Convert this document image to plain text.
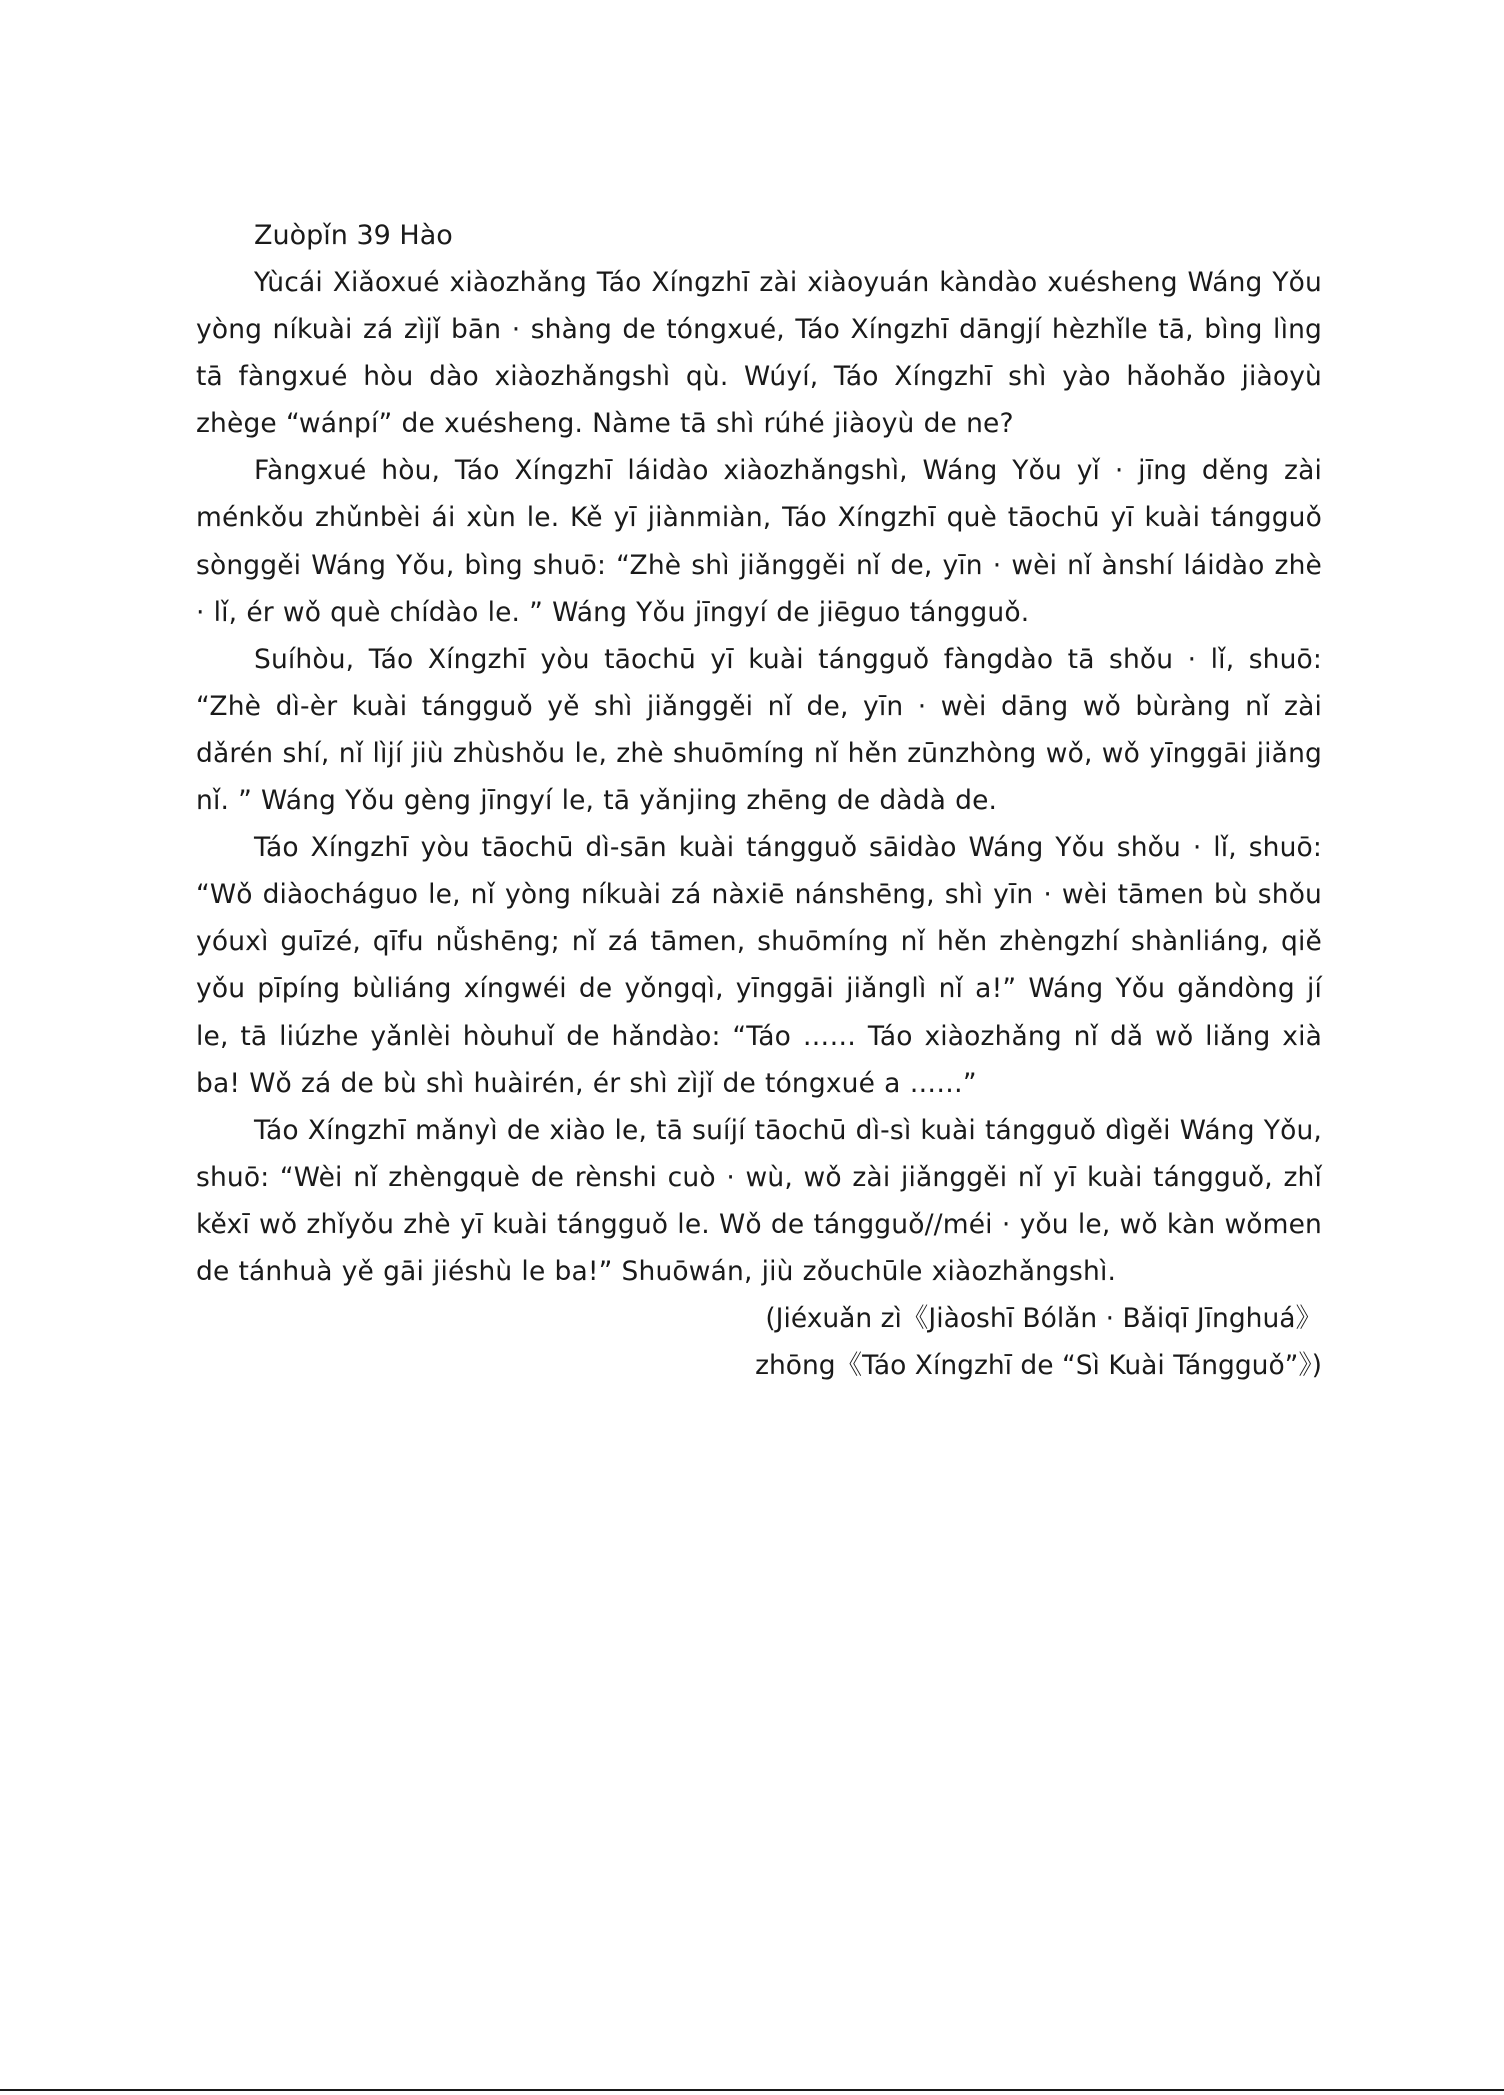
Zuòpǐn 39 Hào

Yùcái Xiǎoxué xiàozhǎng Táo Xíngzhī zài xiàoyuán kàndào xuésheng Wáng Yǒu yòng níkuài zá zìjǐ bān · shàng de tóngxué, Táo Xíngzhī dāngjí hèzhǐle tā, bìng lìng tā fàngxué hòu dào xiàozhǎngshì qù. Wúyí, Táo Xíngzhī shì yào hǎohǎo jiàoyù zhège “wánpí” de xuésheng. Nàme tā shì rúhé jiàoyù de ne?

Fàngxué hòu, Táo Xíngzhī láidào xiàozhǎngshì, Wáng Yǒu yǐ · jīng děng zài ménkǒu zhǔnbèi ái xùn le. Kě yī jiànmiàn, Táo Xíngzhī què tāochū yī kuài tángguǒ sònggěi Wáng Yǒu, bìng shuō: “Zhè shì jiǎnggěi nǐ de, yīn · wèi nǐ ànshí láidào zhè · lǐ, ér wǒ què chídào le. ” Wáng Yǒu jīngyí de jiēguo tángguǒ.

Suíhòu, Táo Xíngzhī yòu tāochū yī kuài tángguǒ fàngdào tā shǒu · lǐ, shuō: “Zhè dì-èr kuài tángguǒ yě shì jiǎnggěi nǐ de, yīn · wèi dāng wǒ bùràng nǐ zài dǎrén shí, nǐ lìjí jiù zhùshǒu le, zhè shuōmíng nǐ hěn zūnzhòng wǒ, wǒ yīnggāi jiǎng nǐ. ” Wáng Yǒu gèng jīngyí le, tā yǎnjing zhēng de dàdà de.

Táo Xíngzhī yòu tāochū dì-sān kuài tángguǒ sāidào Wáng Yǒu shǒu · lǐ, shuō: “Wǒ diàocháguo le, nǐ yòng níkuài zá nàxiē nánshēng, shì yīn · wèi tāmen bù shǒu yóuxì guīzé, qīfu nǚshēng; nǐ zá tāmen, shuōmíng nǐ hěn zhèngzhí shànliáng, qiě yǒu pīpíng bùliáng xíngwéi de yǒngqì, yīnggāi jiǎnglì nǐ a!” Wáng Yǒu gǎndòng jí le, tā liúzhe yǎnlèi hòuhuǐ de hǎndào: “Táo …… Táo xiàozhǎng nǐ dǎ wǒ liǎng xià ba! Wǒ zá de bù shì huàirén, ér shì zìjǐ de tóngxué a ……”

Táo Xíngzhī mǎnyì de xiào le, tā suíjí tāochū dì-sì kuài tángguǒ dìgěi Wáng Yǒu, shuō: “Wèi nǐ zhèngquè de rènshi cuò · wù, wǒ zài jiǎnggěi nǐ yī kuài tángguǒ, zhǐ kěxī wǒ zhǐyǒu zhè yī kuài tángguǒ le. Wǒ de tángguǒ//méi · yǒu le, wǒ kàn wǒmen de tánhuà yě gāi jiéshù le ba!” Shuōwán, jiù zǒuchūle xiàozhǎngshì.

(Jiéxuǎn zì《Jiàoshī Bólǎn · Bǎiqī Jīnghuá》
zhōng《Táo Xíngzhī de “Sì Kuài Tángguǒ”》)
